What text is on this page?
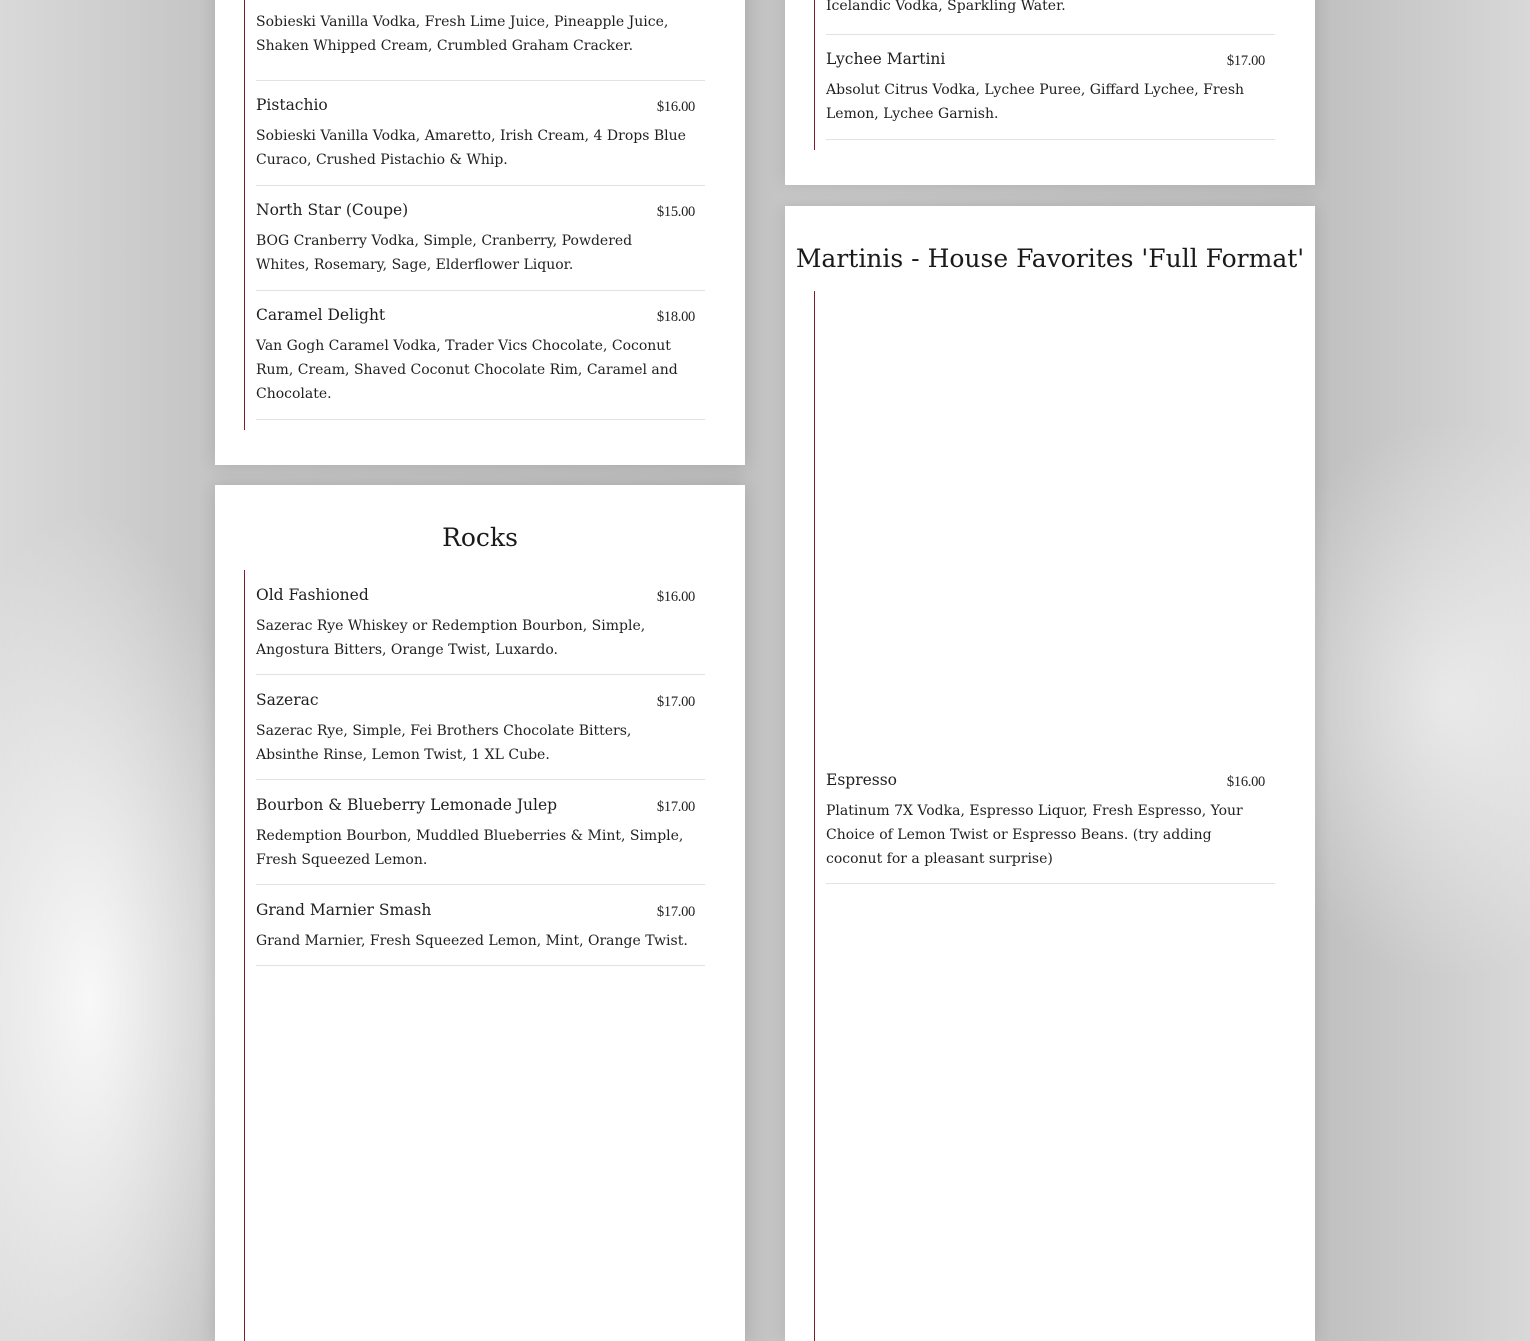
Sobieski Vanilla Vodka, Fresh Lime Juice, Pineapple Juice, Shaken Whipped Cream, Crumbled Graham Cracker.
Pistachio	$16.00
Sobieski Vanilla Vodka, Amaretto, Irish Cream, 4 Drops Blue Curaco, Crushed Pistachio & Whip.
North Star (Coupe)	$15.00
BOG Cranberry Vodka, Simple, Cranberry, Powdered Whites, Rosemary, Sage, Elderflower Liquor.
Caramel Delight	$18.00
Van Gogh Caramel Vodka, Trader Vics Chocolate, Coconut Rum, Cream, Shaved Coconut Chocolate Rim, Caramel and Chocolate.
Rocks
Old Fashioned	$16.00
Sazerac Rye Whiskey or Redemption Bourbon, Simple, Angostura Bitters, Orange Twist, Luxardo.
Sazerac	$17.00
Sazerac Rye, Simple, Fei Brothers Chocolate Bitters, Absinthe Rinse, Lemon Twist, 1 XL Cube.
Bourbon & Blueberry Lemonade Julep	$17.00
Redemption Bourbon, Muddled Blueberries & Mint, Simple, Fresh Squeezed Lemon.
Grand Marnier Smash	$17.00
Grand Marnier, Fresh Squeezed Lemon, Mint, Orange Twist.
Icelandic Vodka, Sparkling Water.
Lychee Martini	$17.00
Absolut Citrus Vodka, Lychee Puree, Giffard Lychee, Fresh Lemon, Lychee Garnish.
Martinis - House Favorites 'Full Format'
Espresso	$16.00
Platinum 7X Vodka, Espresso Liquor, Fresh Espresso, Your Choice of Lemon Twist or Espresso Beans. (try adding coconut for a pleasant surprise)
